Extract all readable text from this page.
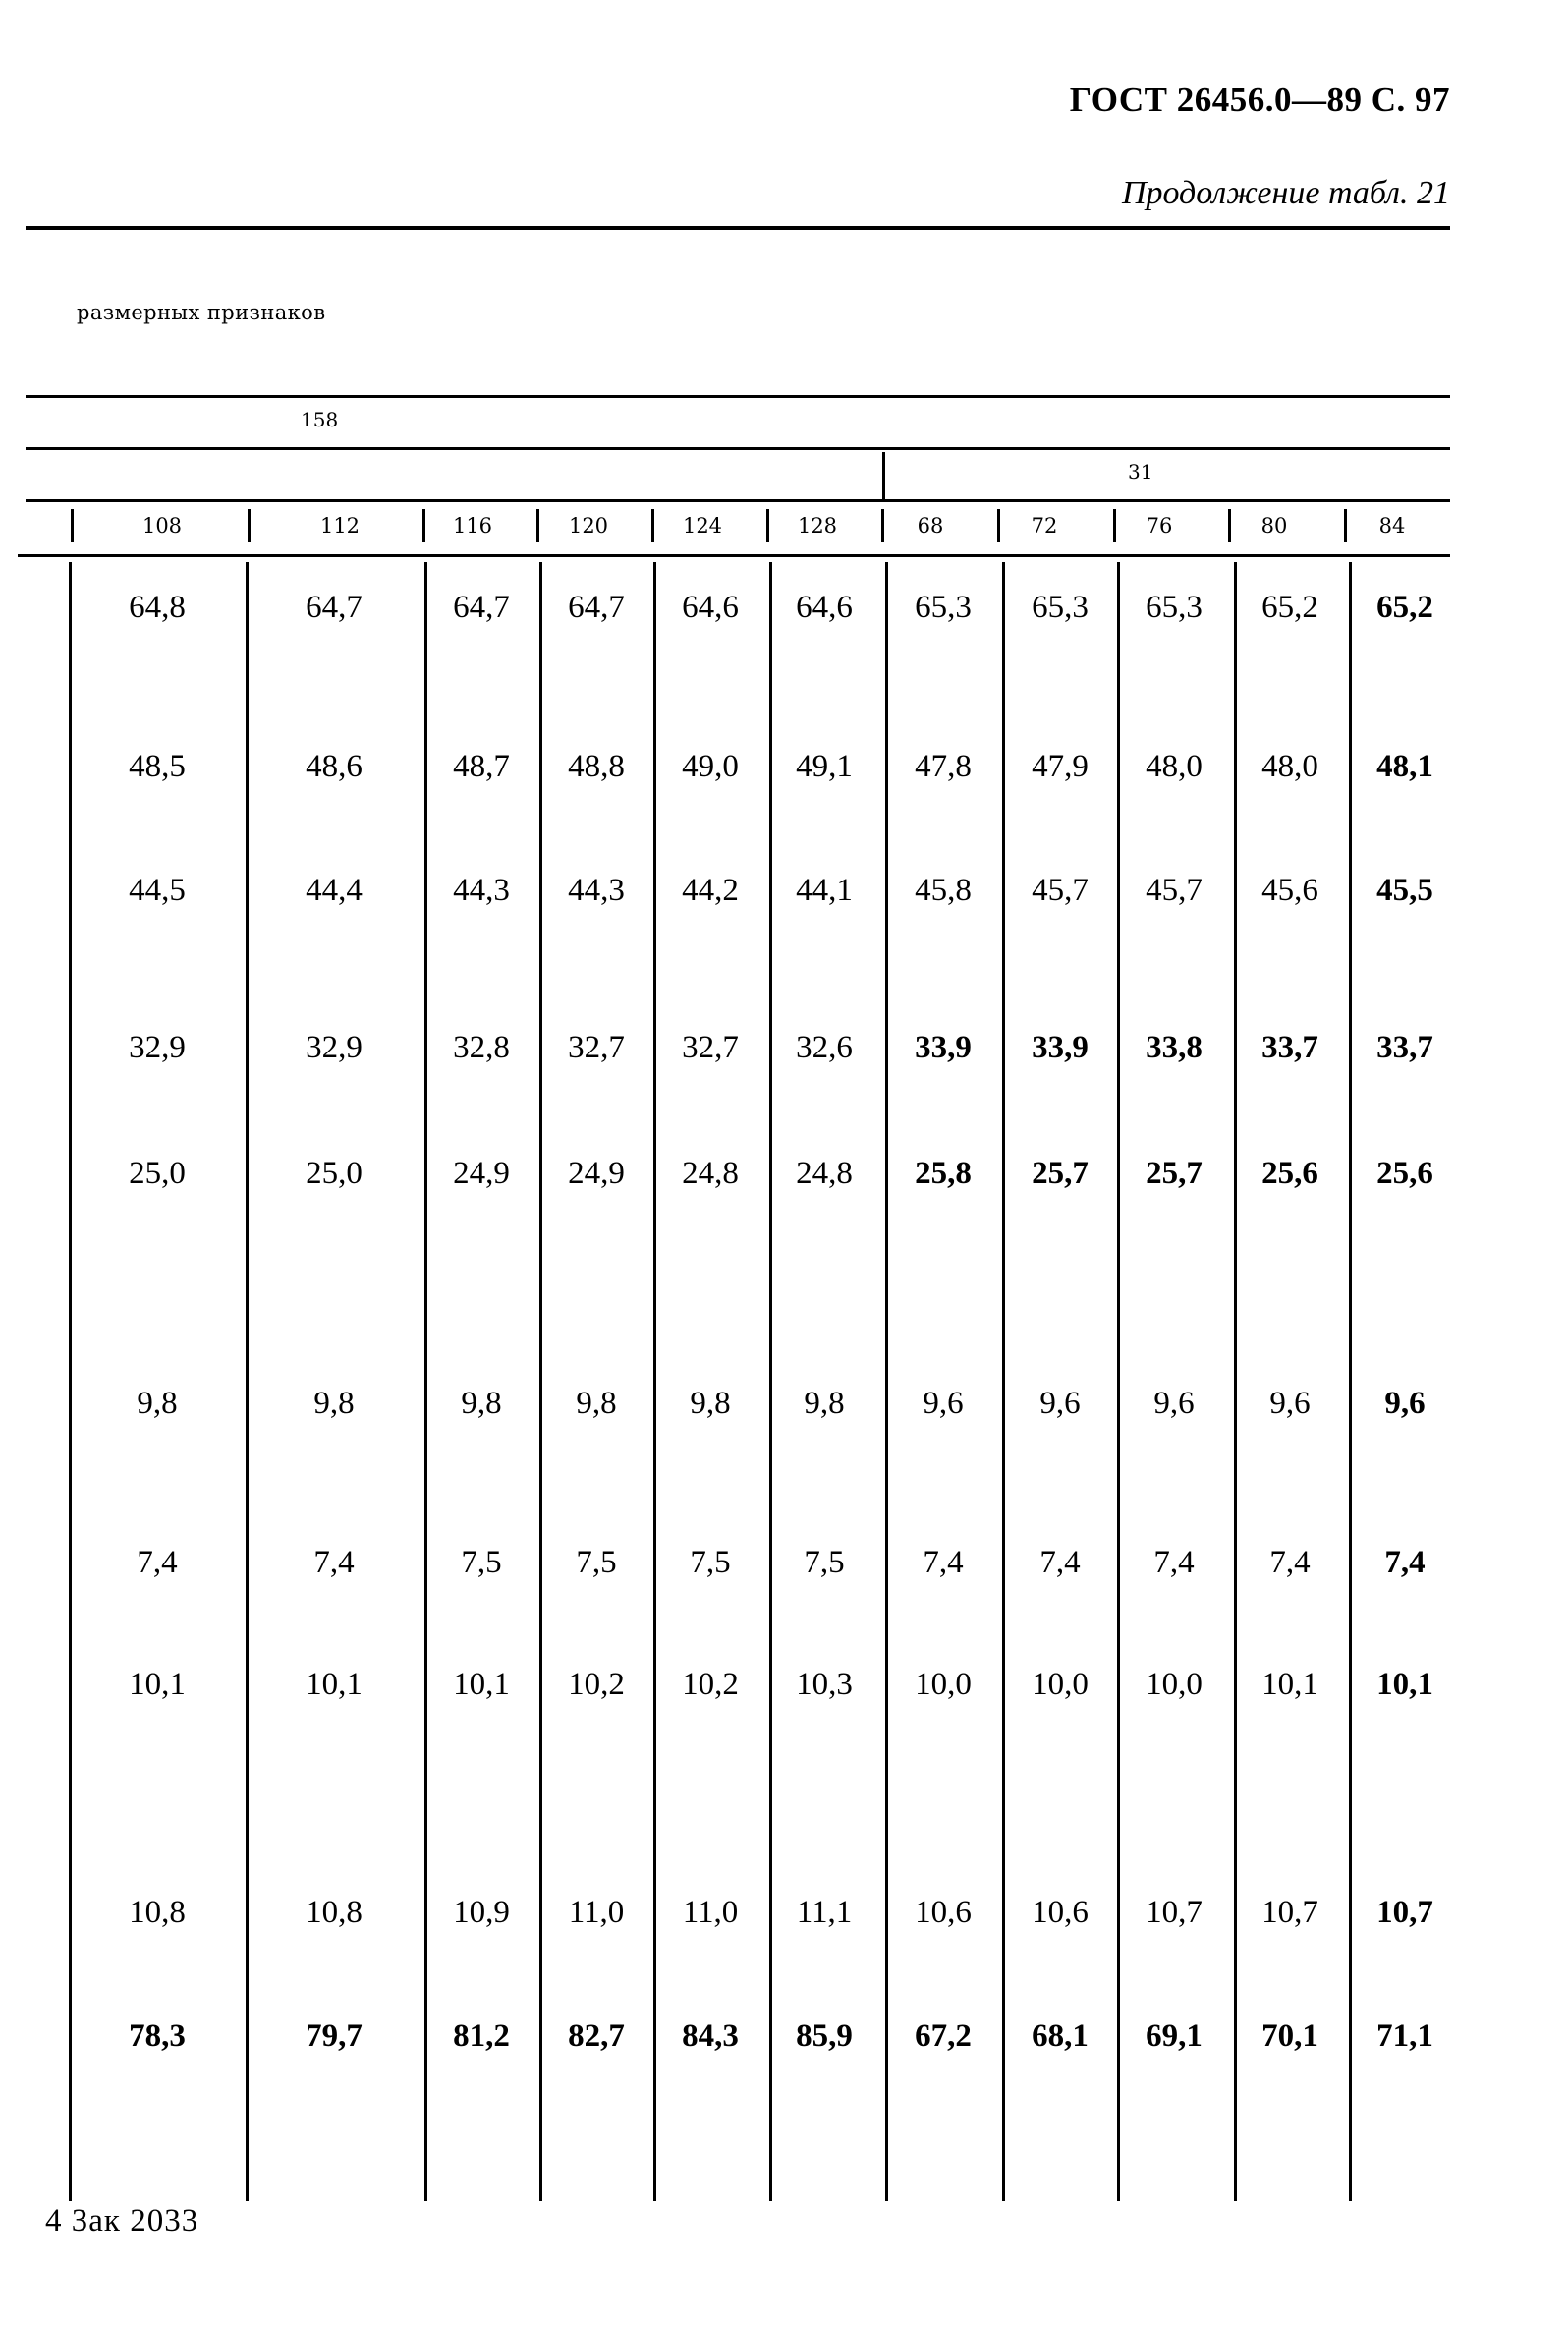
ГОСТ 26456.0—89 С. 97
Продолжение табл. 21
размерных признаков
158
31
108	112	116	120	124	128	68	72	76	80	84
64,8	64,7	64,7 64,7 64,6 64,6 65,3 65,3 65,3 65,2 65,2
48,5	48,6	48,7 48,8 49,0 49,1 47,8 47,9 48,0 48,0 48,1
44,5	44,4	44,3 44,3 44,2 44,1 45,8 45,7 45,7 45,6 45,5
32,9	32,9	32,8 32,7 32,7 32,6 33,9 33,9 33,8 33,7 33,7
25,0	25,0	24,9 24,9 24,8 24,8 25,8 25,7 25,7 25,6 25,6
9,8	9,8	9,8 9,8 9,8 9,8 9,6 9,6 9,6 9,6 9,6
7,4	7,4	7,5 7,5 7,5 7,5 7,4 7,4 7,4 7,4 7,4
10,1	10,1	10,1 10,2 10,2 10,3 10,0 10,0 10,0 10,1 10,1
10,8	10,8	10,9 11,0 11,0 11,1 10,6 10,6 10,7 10,7 10,7
78,3	79,7	81,2 82,7 84,3 85,9 67,2 68,1 69,1 70,1 71,1
4 Зак 2033
